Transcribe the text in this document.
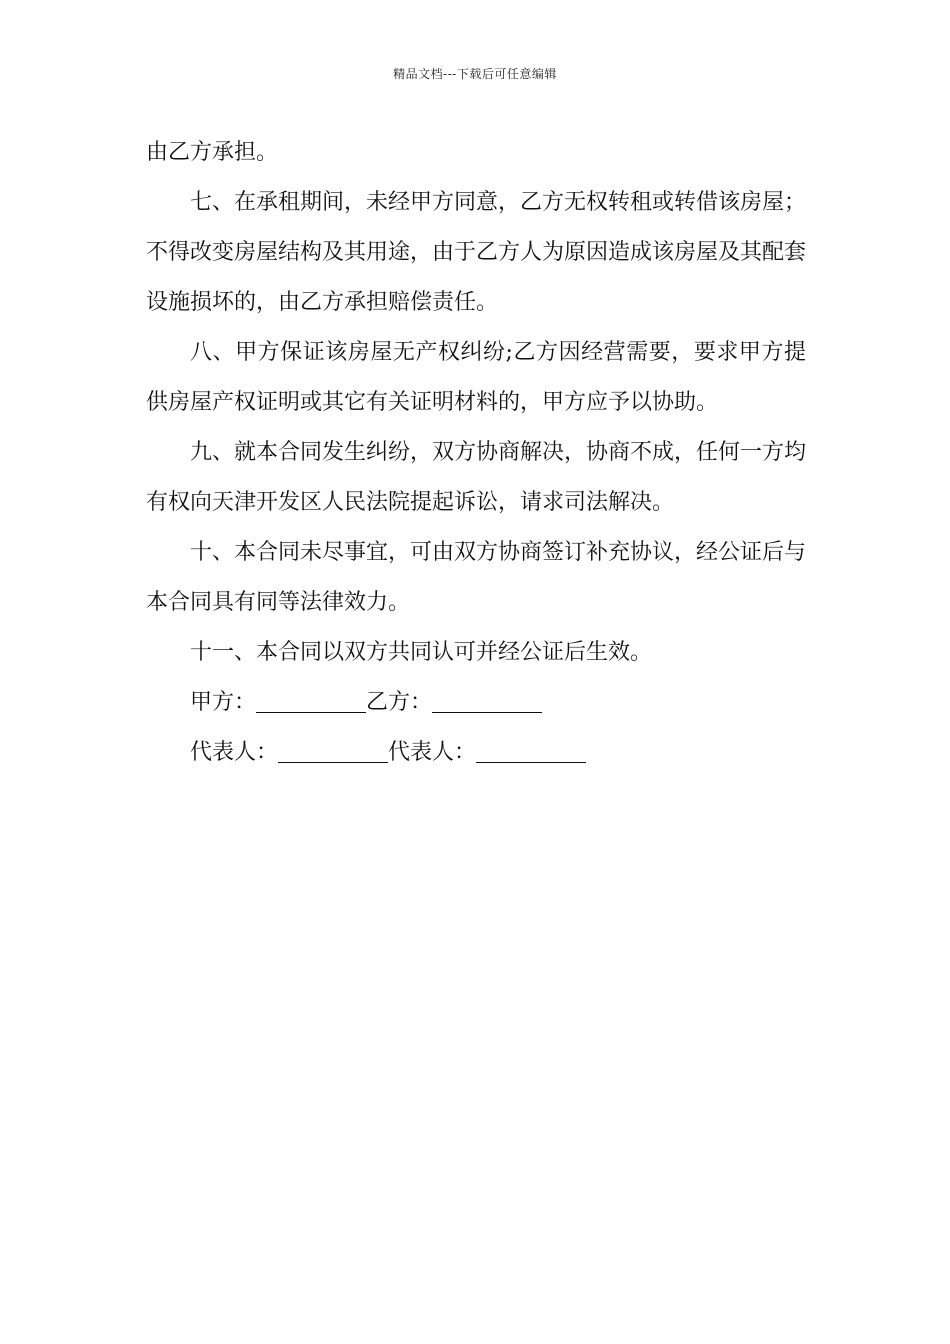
精品文档---下载后可任意编辑

由乙方承担。

七、在承租期间，未经甲方同意，乙方无权转租或转借该房屋；不得改变房屋结构及其用途，由于乙方人为原因造成该房屋及其配套设施损坏的，由乙方承担赔偿责任。

八、甲方保证该房屋无产权纠纷;乙方因经营需要，要求甲方提供房屋产权证明或其它有关证明材料的，甲方应予以协助。

九、就本合同发生纠纷，双方协商解决，协商不成，任何一方均有权向天津开发区人民法院提起诉讼，请求司法解决。

十、本合同未尽事宜，可由双方协商签订补充协议，经公证后与本合同具有同等法律效力。

十一、本合同以双方共同认可并经公证后生效。

甲方：	乙方：

代表人：	代表人：
